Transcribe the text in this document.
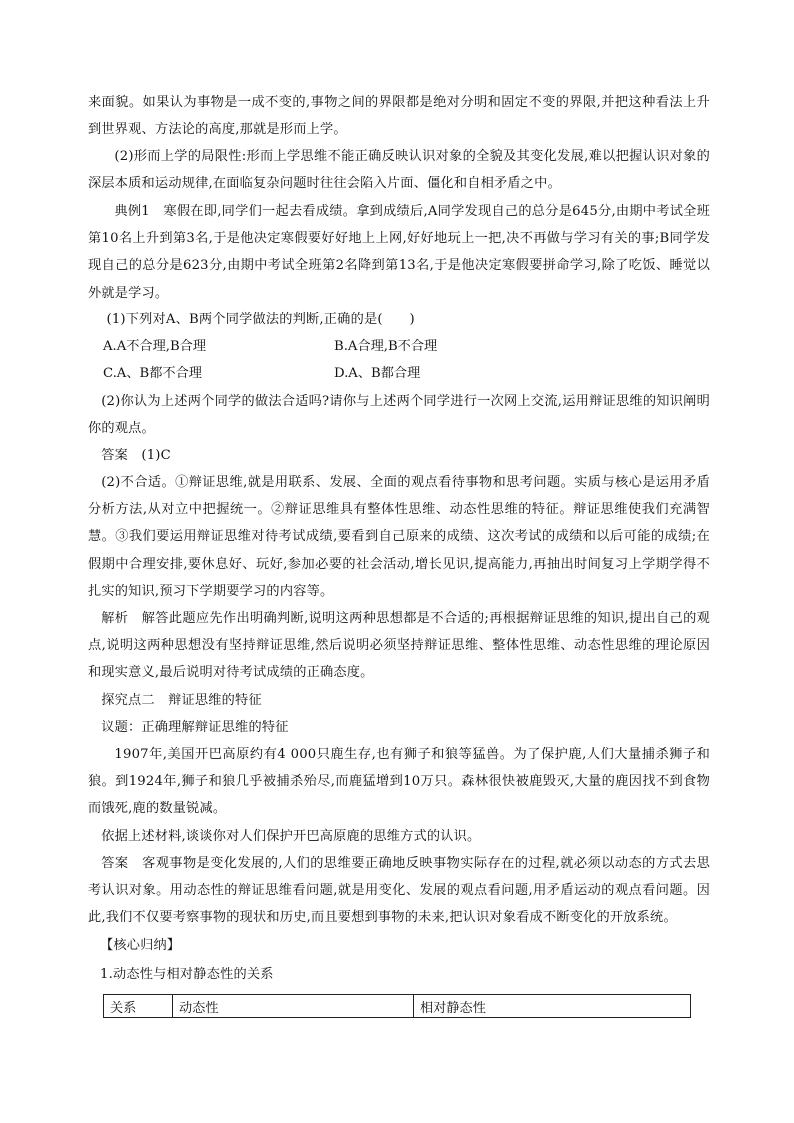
来面貌。如果认为事物是一成不变的,事物之间的界限都是绝对分明和固定不变的界限,并把这种看法上升到世界观、方法论的高度,那就是形而上学。

(2)形而上学的局限性:形而上学思维不能正确反映认识对象的全貌及其变化发展,难以把握认识对象的深层本质和运动规律,在面临复杂问题时往往会陷入片面、僵化和自相矛盾之中。

典例1　 寒假在即,同学们一起去看成绩。拿到成绩后,A同学发现自己的总分是645分,由期中考试全班第10名上升到第3名,于是他决定寒假要好好地上上网,好好地玩上一把,决不再做与学习有关的事;B同学发现自己的总分是623分,由期中考试全班第2名降到第13名,于是他决定寒假要拼命学习,除了吃饭、睡觉以外就是学习。

(1)下列对A、B两个同学做法的判断,正确的是(　　)

A.A不合理,B合理	B.A合理,B不合理

C.A、B都不合理	D.A、B都合理

(2)你认为上述两个同学的做法合适吗?请你与上述两个同学进行一次网上交流,运用辩证思维的知识阐明你的观点。

答案　 (1)C

(2)不合适。①辩证思维,就是用联系、发展、全面的观点看待事物和思考问题。实质与核心是运用矛盾分析方法,从对立中把握统一。②辩证思维具有整体性思维、动态性思维的特征。辩证思维使我们充满智慧。③我们要运用辩证思维对待考试成绩,要看到自己原来的成绩、这次考试的成绩和以后可能的成绩;在假期中合理安排,要休息好、玩好,参加必要的社会活动,增长见识,提高能力,再抽出时间复习上学期学得不扎实的知识,预习下学期要学习的内容等。

解析　 解答此题应先作出明确判断,说明这两种思想都是不合适的;再根据辩证思维的知识,提出自己的观点,说明这两种思想没有坚持辩证思维,然后说明必须坚持辩证思维、整体性思维、动态性思维的理论原因和现实意义,最后说明对待考试成绩的正确态度。

探究点二　辩证思维的特征

议题：正确理解辩证思维的特征

1907年,美国开巴高原约有4 000只鹿生存,也有狮子和狼等猛兽。为了保护鹿,人们大量捕杀狮子和狼。到1924年,狮子和狼几乎被捕杀殆尽,而鹿猛增到10万只。森林很快被鹿毁灭,大量的鹿因找不到食物而饿死,鹿的数量锐减。

依据上述材料,谈谈你对人们保护开巴高原鹿的思维方式的认识。

答案　 客观事物是变化发展的,人们的思维要正确地反映事物实际存在的过程,就必须以动态的方式去思考认识对象。用动态性的辩证思维看问题,就是用变化、发展的观点看问题,用矛盾运动的观点看问题。因此,我们不仅要考察事物的现状和历史,而且要想到事物的未来,把认识对象看成不断变化的开放系统。

【核心归纳】

1.动态性与相对静态性的关系

关系	动态性	相对静态性
